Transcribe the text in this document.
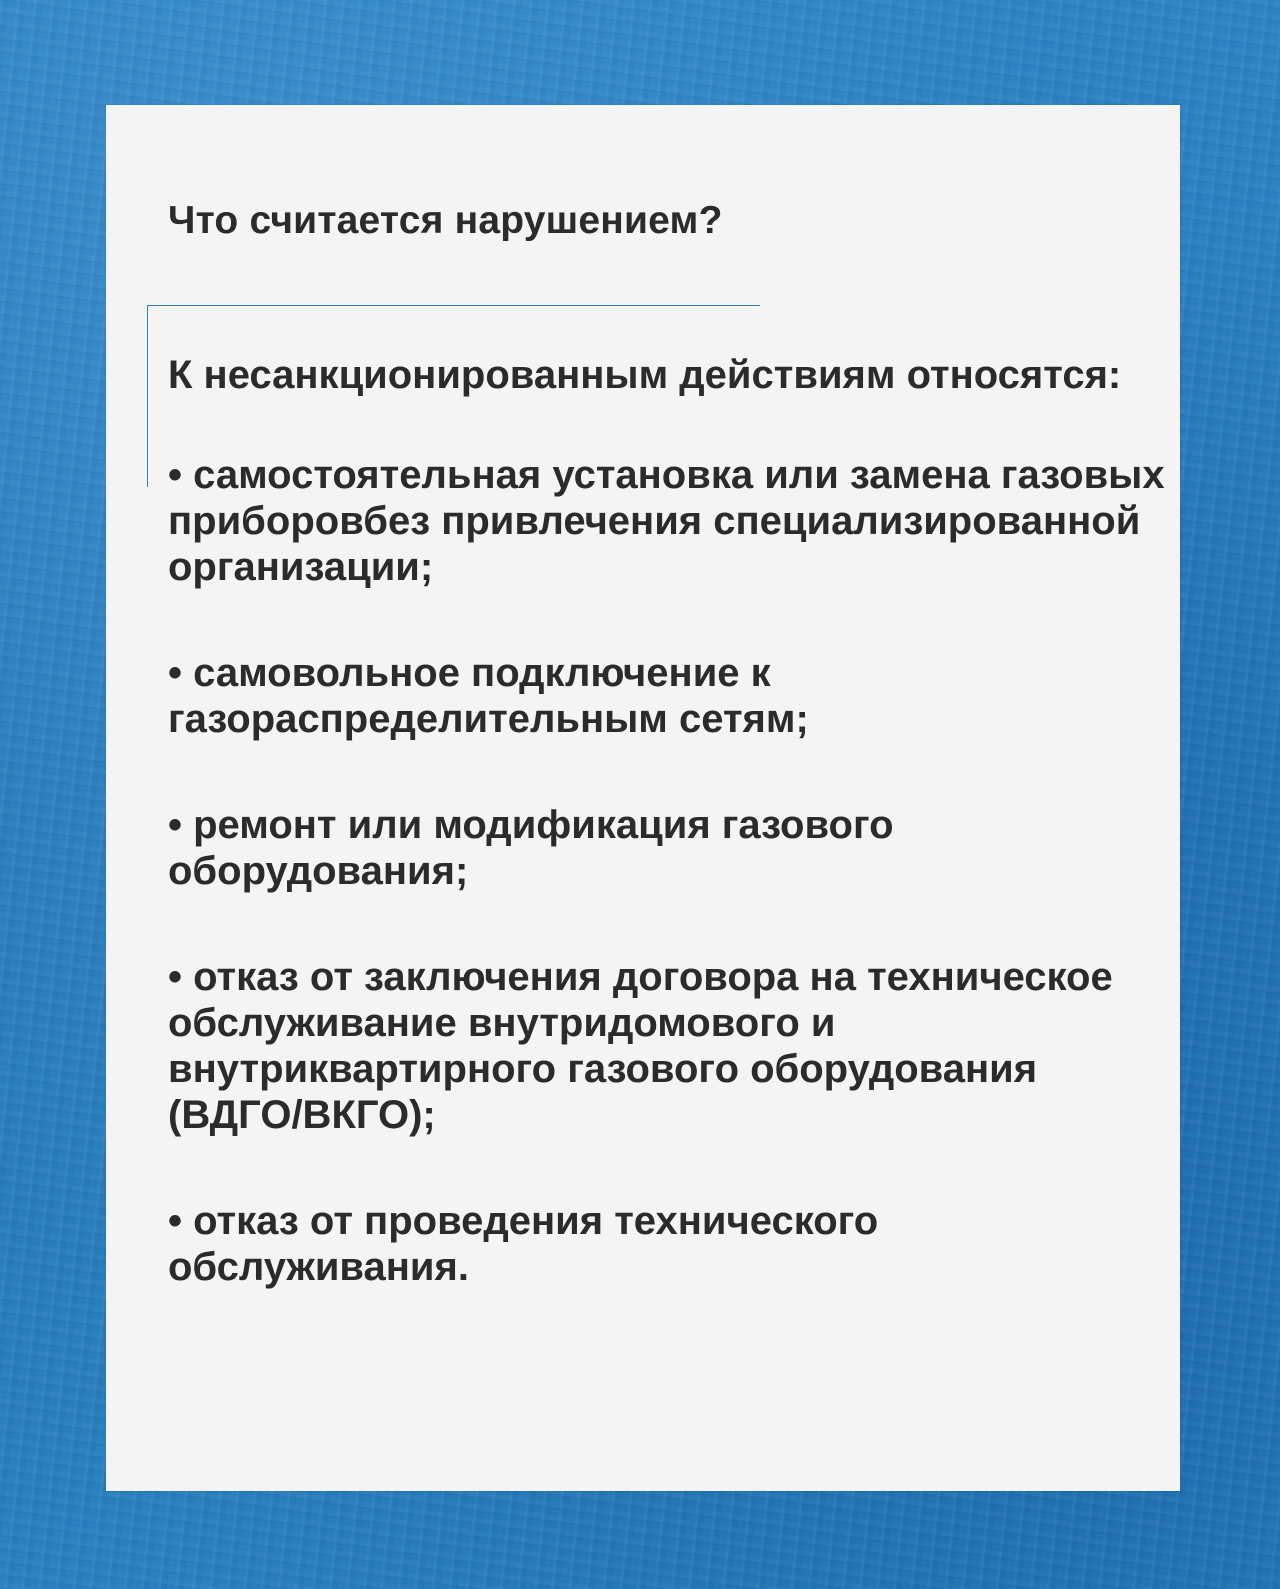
Что считается нарушением?

К несанкционированным действиям относятся:

• самостоятельная установка или замена газовых приборовбез привлечения специализированной организации;

• самовольное подключение к газораспределительным сетям;

• ремонт или модификация газового оборудования;

• отказ от заключения договора на техническое обслуживание внутридомового и внутриквартирного газового оборудования (ВДГО/ВКГО);

• отказ от проведения технического обслуживания.
